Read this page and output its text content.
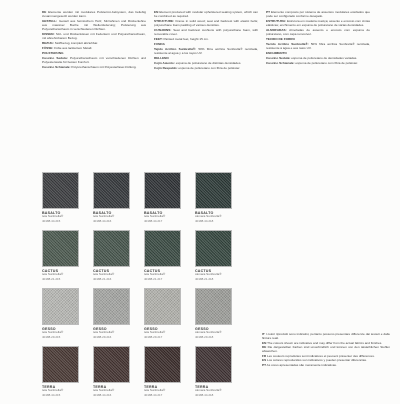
DE Elemente werden mit modulares Polstermö-belsystem, das beliebig zusammengesetzt werden kann.

GESTELL: Gestell aus heimischem Holz; Sitzrahmen und Rückenlehne aus massiver Buche mit Wellenfederung; Polsterung aus Polyurethanschaum in verschiedenen Dichten.

KISSEN: Sitz- und Rückenkissen mit Federkern und Polyurethanschaum, mit abnehmbarem Bezug.

BEZUG: Stoffbezug, komplett abziehbar.

FÜSSE: Füße aus lackiertem Metall.

POLSTERUNG

Cuscino Seduta: Polyurethanschaum mit verschiedenen Dichten und Polyesterwatte für besten Komfort.

Cuscino Schienale: Polyurethanschaum mit Polyesterfaser-Füllung.

EN Element produced with modular upholstered seating system, which can be combined as required.

STRUCTURE: Frame in solid wood; seat and backrest with elastic belts; polyurethane foam padding of various densities.

CUSHIONS: Seat and backrest cushions with polyurethane foam, with removable cover.

FEET: Painted metal feet, height 15 cm.

FUNDA

Tejido Acrílico Sunbrella®: 50% fibra acrílica Sunbrella® reciclada, resistente al agua y a los rayos UV.

RELLENO

Cojín Asiento: espuma de poliuretano de distintas densidades.

Cojín Respaldo: espuma de poliuretano con fibra de poliéster.

PT Elemento composto por sistema de assentos modulares estofados que pode ser configurado conforme desejado.

ESTRUTURA: Estrutura em madeira maciça; assento e encosto com cintas elásticas; enchimento em espuma de poliuretano de várias densidades.

ALMOFADAS: Almofadas de assento e encosto com espuma de poliuretano, com capa removível.

TECIDO DE FORRO

Tecido Acrílico Sunbrella®: 50% fibra acrílica Sunbrella® reciclada, resistente à água e aos raios UV.

ENCHIMENTO

Cuscino Seduta: espuma de poliuretano de densidades variadas.

Cuscino Schienale: espuma de poliuretano com fibra de poliéster.

BASALTO
tela Sunbrella®
40188.44.215
BASALTO
tela Sunbrella®
40188.44.216
BASALTO
tela Sunbrella®
40188.44.217
BASALTO
cámara Sunbrella®
40188.44.218
CACTUS
tela Sunbrella®
40188.21.215
CACTUS
tela Sunbrella®
40188.21.216
CACTUS
tela Sunbrella®
40188.21.217
CACTUS
cámara Sunbrella®
40188.21.218
GESSO
tela Sunbrella®
40188.29.215
GESSO
tela Sunbrella®
40188.29.216
GESSO
tela Sunbrella®
40188.29.217
GESSO
cámara Sunbrella®
40188.29.218
TERRA
tela Sunbrella®
40188.44.215
TERRA
tela Sunbrella®
40188.44.216
TERRA
tela Sunbrella®
40188.44.217
TERRA
cámara Sunbrella®
40188.44.218

IT I colori riprodotti sono indicativi, pertanto possono presentare differenze dai tessuti e dalle finiture reali.

EN The colours shown are indicative and may differ from the actual fabrics and finishes.

DE Die dargestellten Farben sind unverbindlich und können von den tatsächlichen Stoffen abweichen.

FR Les couleurs reproduites sont indicatives et peuvent présenter des différences.

ES Los colores reproducidos son indicativos y pueden presentar diferencias.

PT As cores apresentadas são meramente indicativas.
